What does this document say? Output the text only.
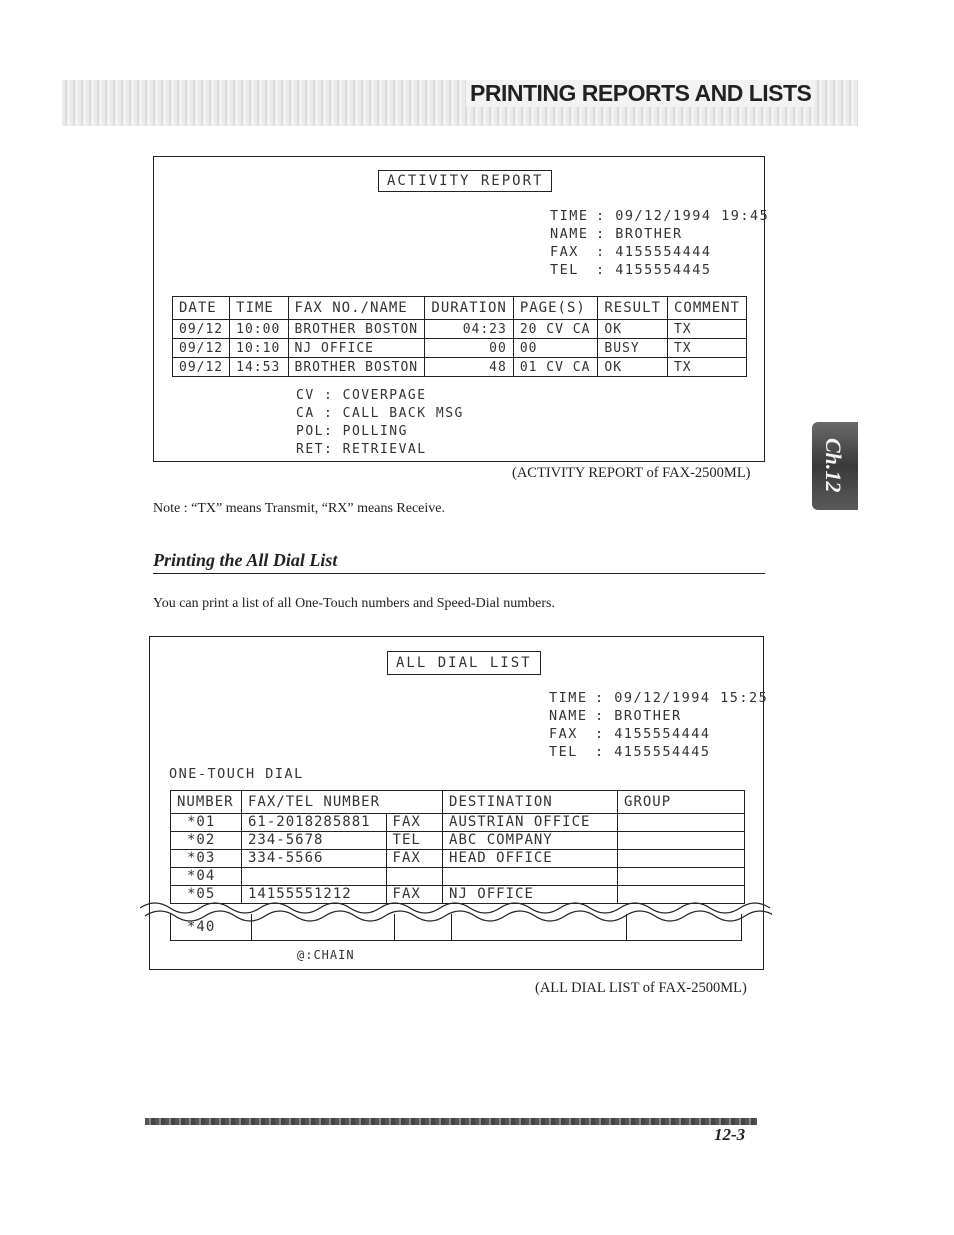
PRINTING REPORTS AND LISTS
Ch.12
ACTIVITY REPORT
TIME : 09/12/1994 19:45
NAME : BROTHER
FAX : 4155554444
TEL : 4155554445
DATE	TIME	FAX NO./NAME	DURATION	PAGE(S)	RESULT	COMMENT
09/12	10:00	BROTHER BOSTON	04:23	20 CV CA	OK	TX
09/12	10:10	NJ OFFICE	00	00	BUSY	TX
09/12	14:53	BROTHER BOSTON	48	01 CV CA	OK	TX
CV : COVERPAGE
CA : CALL BACK MSG
POL: POLLING
RET: RETRIEVAL
(ACTIVITY REPORT of FAX-2500ML)
Note : “TX” means Transmit, “RX” means Receive.
Printing the All Dial List
You can print a list of all One-Touch numbers and Speed-Dial numbers.
ALL DIAL LIST
TIME : 09/12/1994 15:25
NAME : BROTHER
FAX : 4155554444
TEL : 4155554445
ONE-TOUCH DIAL
NUMBER	FAX/TEL NUMBER		DESTINATION	GROUP
*01	61-2018285881	FAX	AUSTRIAN OFFICE	
*02	234-5678	TEL	ABC COMPANY	
*03	334-5566	FAX	HEAD OFFICE	
*04				
*05	14155551212	FAX	NJ OFFICE	
*40				
@:CHAIN
(ALL DIAL LIST of FAX-2500ML)
12-3
